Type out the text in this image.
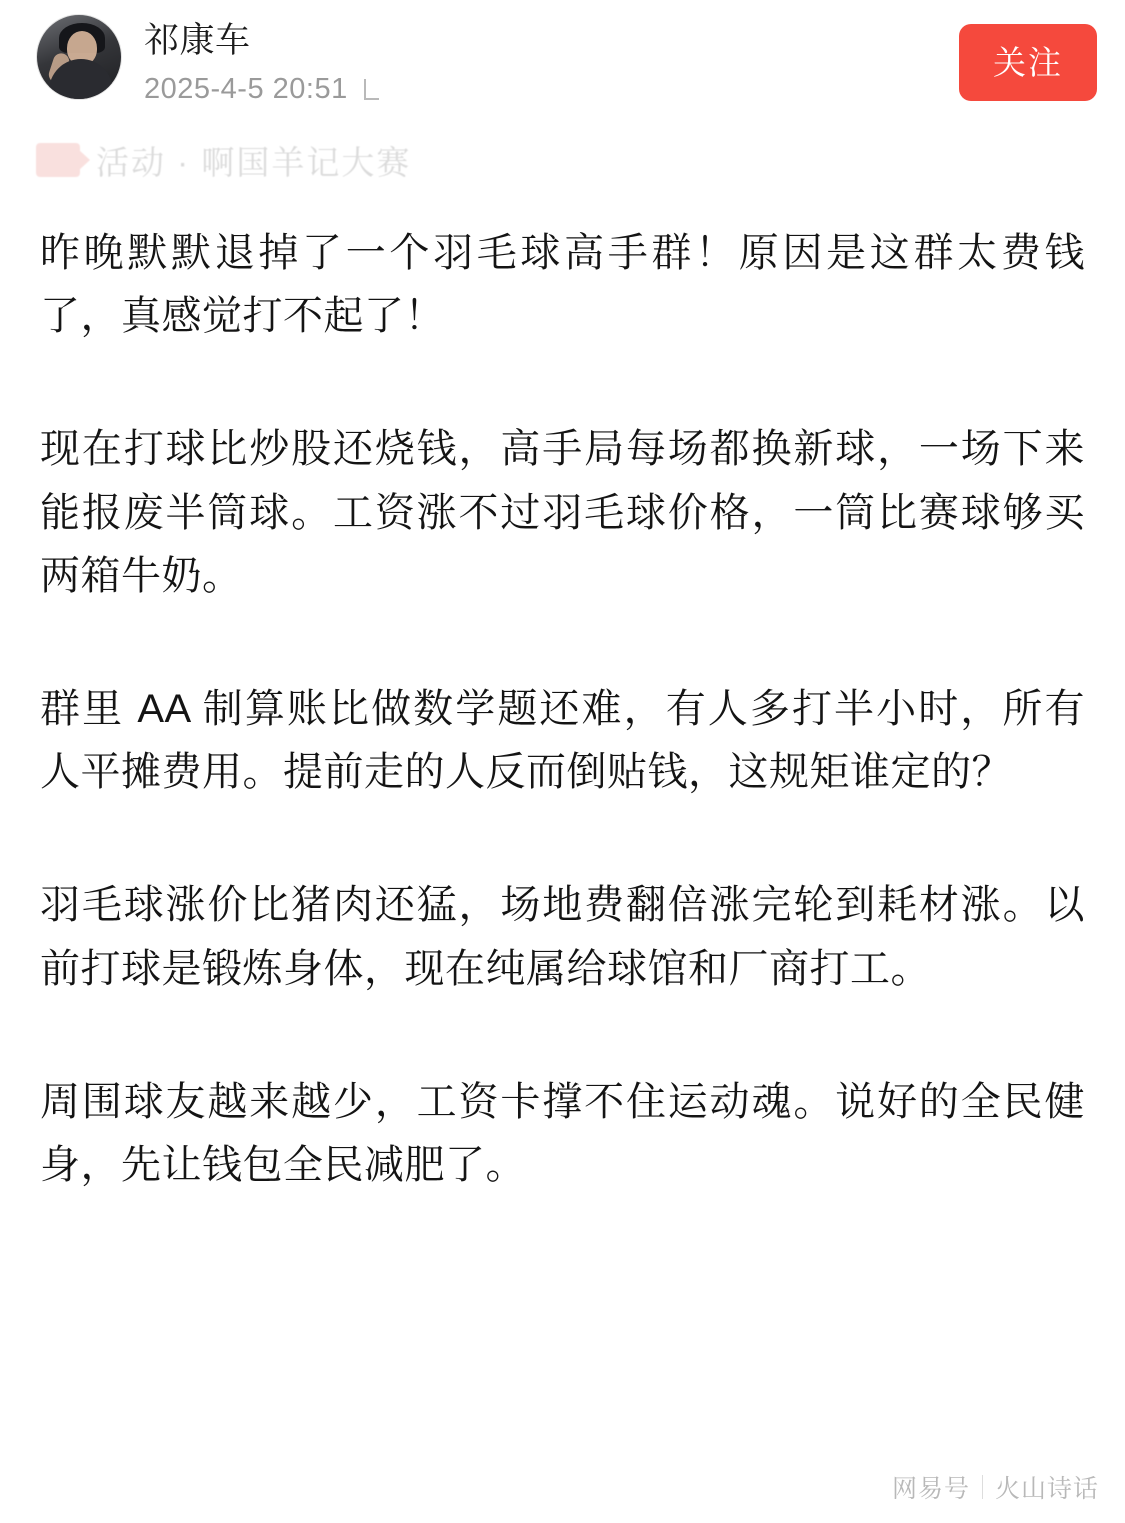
祁康车
2025-4-5 20:51
关注
活动 · 啊国羊记大赛

昨晚默默退掉了一个羽毛球高手群！原因是这群太费钱了，真感觉打不起了！

现在打球比炒股还烧钱，高手局每场都换新球，一场下来能报废半筒球。工资涨不过羽毛球价格，一筒比赛球够买两箱牛奶。

群里 AA 制算账比做数学题还难，有人多打半小时，所有人平摊费用。提前走的人反而倒贴钱，这规矩谁定的？

羽毛球涨价比猪肉还猛，场地费翻倍涨完轮到耗材涨。以前打球是锻炼身体，现在纯属给球馆和厂商打工。

周围球友越来越少，工资卡撑不住运动魂。说好的全民健身，先让钱包全民减肥了。

网易号 火山诗话
